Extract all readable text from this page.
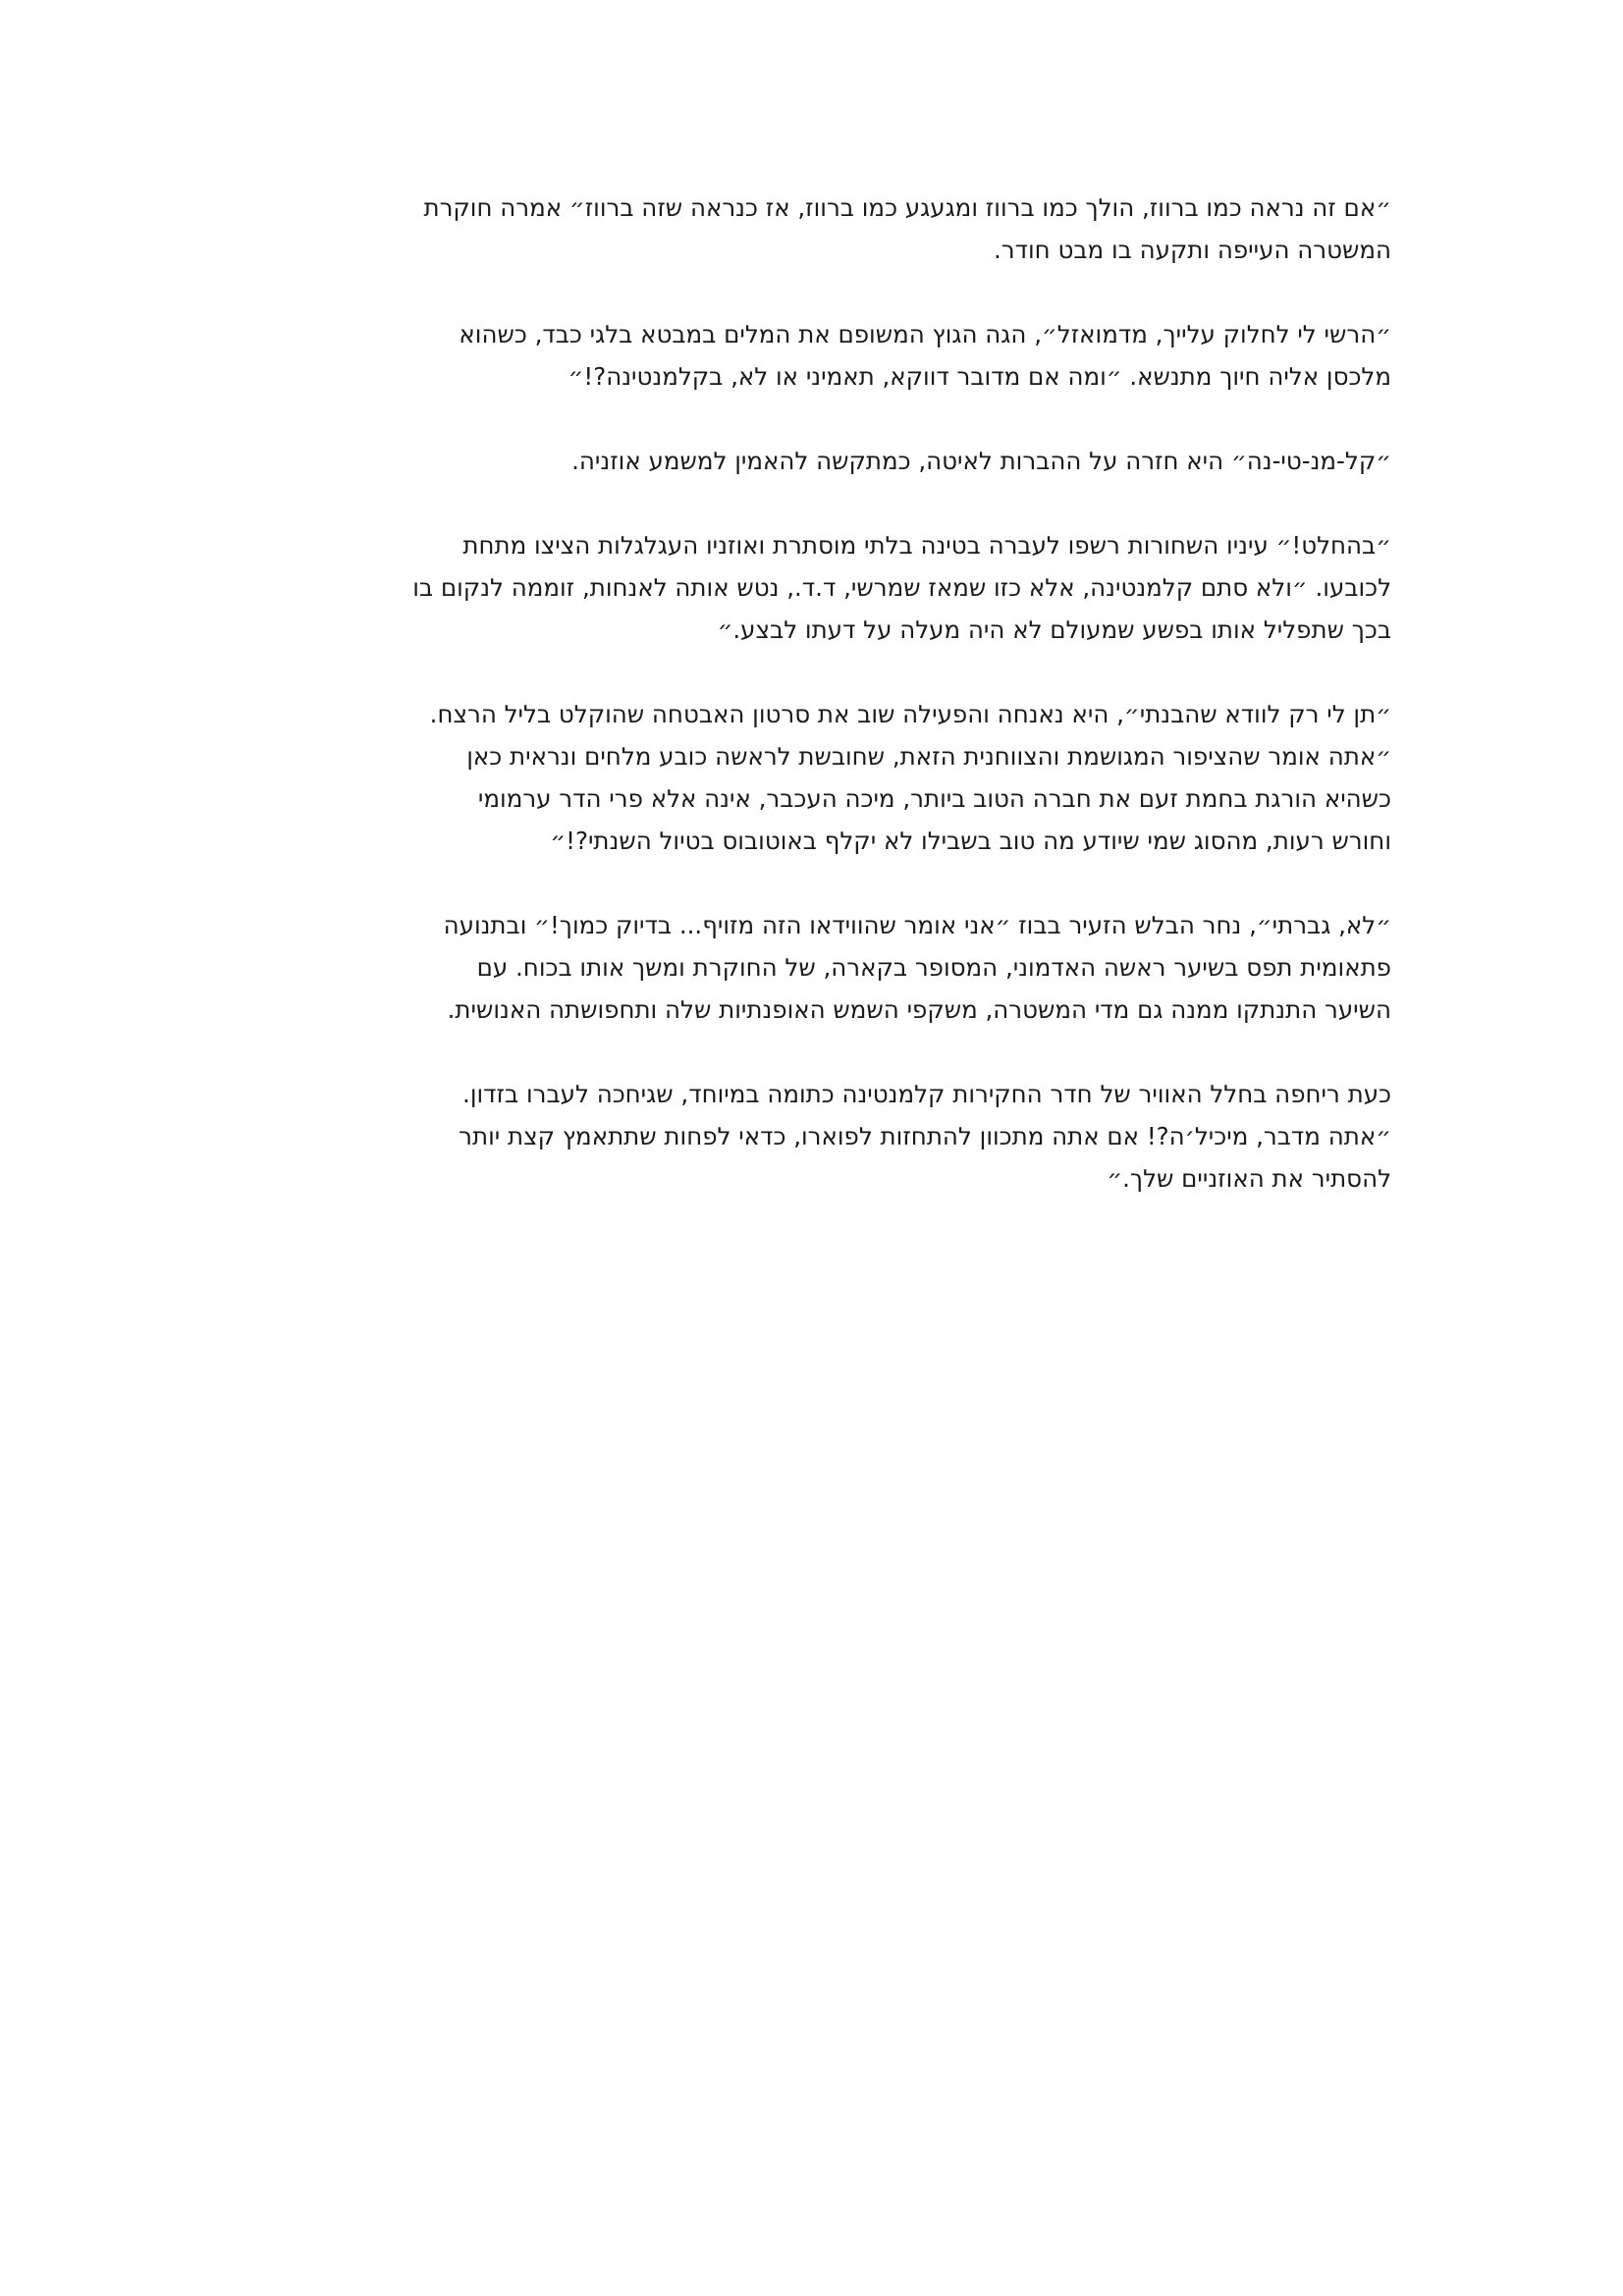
״אם זה נראה כמו ברווז, הולך כמו ברווז ומגעגע כמו ברווז, אז כנראה שזה ברווז״ אמרה חוקרת
המשטרה העייפה ותקעה בו מבט חודר.

״הרשי לי לחלוק עלייך, מדמואזל״, הגה הגוץ המשופם את המלים במבטא בלגי כבד, כשהוא
מלכסן אליה חיוך מתנשא. ״ומה אם מדובר דווקא, תאמיני או לא, בקלמנטינה?!״

״קל-מנ-טי-נה״ היא חזרה על ההברות לאיטה, כמתקשה להאמין למשמע אוזניה.

״בהחלט!״ עיניו השחורות רשפו לעברה בטינה בלתי מוסתרת ואוזניו העגלגלות הציצו מתחת
לכובעו. ״ולא סתם קלמנטינה, אלא כזו שמאז שמרשי, ד.ד., נטש אותה לאנחות, זוממה לנקום בו
בכך שתפליל אותו בפשע שמעולם לא היה מעלה על דעתו לבצע.״

״תן לי רק לוודא שהבנתי״, היא נאנחה והפעילה שוב את סרטון האבטחה שהוקלט בליל הרצח.
״אתה אומר שהציפור המגושמת והצווחנית הזאת, שחובשת לראשה כובע מלחים ונראית כאן
כשהיא הורגת בחמת זעם את חברה הטוב ביותר, מיכה העכבר, אינה אלא פרי הדר ערמומי
וחורש רעות, מהסוג שמי שיודע מה טוב בשבילו לא יקלף באוטובוס בטיול השנתי?!״

״לא, גברתי״, נחר הבלש הזעיר בבוז ״אני אומר שהווידאו הזה מזויף... בדיוק כמוך!״ ובתנועה
פתאומית תפס בשיער ראשה האדמוני, המסופר בקארה, של החוקרת ומשך אותו בכוח. עם
השיער התנתקו ממנה גם מדי המשטרה, משקפי השמש האופנתיות שלה ותחפושתה האנושית.

כעת ריחפה בחלל האוויר של חדר החקירות קלמנטינה כתומה במיוחד, שגיחכה לעברו בזדון.
״אתה מדבר, מיכיל׳ה?! אם אתה מתכוון להתחזות לפוארו, כדאי לפחות שתתאמץ קצת יותר
להסתיר את האוזניים שלך.״
